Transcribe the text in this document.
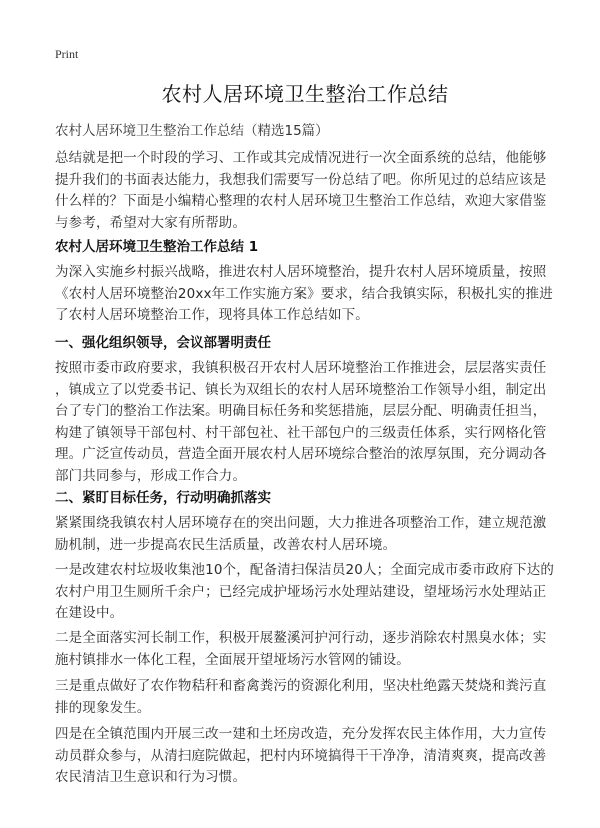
Print
农村人居环境卫生整治工作总结
农村人居环境卫生整治工作总结（精选15篇）
总结就是把一个时段的学习、工作或其完成情况进行一次全面系统的总结，他能够
提升我们的书面表达能力，我想我们需要写一份总结了吧。你所见过的总结应该是
什么样的？下面是小编精心整理的农村人居环境卫生整治工作总结，欢迎大家借鉴
与参考，希望对大家有所帮助。
农村人居环境卫生整治工作总结 1
为深入实施乡村振兴战略，推进农村人居环境整治，提升农村人居环境质量，按照
《农村人居环境整治20xx年工作实施方案》要求，结合我镇实际，积极扎实的推进
了农村人居环境整治工作，现将具体工作总结如下。
一、强化组织领导，会议部署明责任
按照市委市政府要求，我镇积极召开农村人居环境整治工作推进会，层层落实责任
，镇成立了以党委书记、镇长为双组长的农村人居环境整治工作领导小组，制定出
台了专门的整治工作法案。明确目标任务和奖惩措施，层层分配、明确责任担当，
构建了镇领导干部包村、村干部包社、社干部包户的三级责任体系，实行网格化管
理。广泛宣传动员，营造全面开展农村人居环境综合整治的浓厚氛围，充分调动各
部门共同参与，形成工作合力。
二、紧盯目标任务，行动明确抓落实
紧紧围绕我镇农村人居环境存在的突出问题，大力推进各项整治工作，建立规范激
励机制，进一步提高农民生活质量，改善农村人居环境。
一是改建农村垃圾收集池10个，配备清扫保洁员20人；全面完成市委市政府下达的
农村户用卫生厕所千余户；已经完成护垭场污水处理站建设，望垭场污水处理站正
在建设中。
二是全面落实河长制工作，积极开展鳌溪河护河行动，逐步消除农村黑臭水体；实
施村镇排水一体化工程，全面展开望垭场污水管网的铺设。
三是重点做好了农作物秸秆和畜禽粪污的资源化利用，坚决杜绝露天焚烧和粪污直
排的现象发生。
四是在全镇范围内开展三改一建和土坯房改造，充分发挥农民主体作用，大力宣传
动员群众参与，从清扫庭院做起，把村内环境搞得干干净净，清清爽爽，提高改善
农民清洁卫生意识和行为习惯。
